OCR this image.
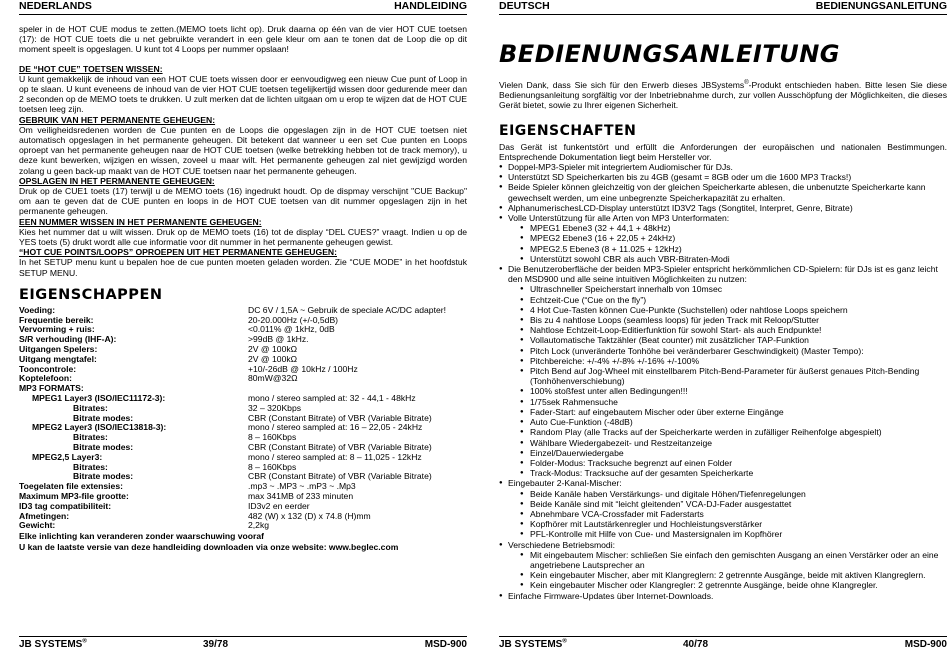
NEDERLANDS	HANDLEIDING

speler in de HOT CUE modus te zetten.(MEMO toets licht op). Druk daarna op één van de vier HOT CUE toetsen (17): de HOT CUE toets die u net gebruikte verandert in een gele kleur om aan te tonen dat de Loop die op dit moment speelt is opgeslagen. U kunt tot 4 Loops per nummer opslaan!

DE “HOT CUE” TOETSEN WISSEN:

U kunt gemakkelijk de inhoud van een HOT CUE toets wissen door er eenvoudigweg een nieuw Cue punt of Loop in op te slaan. U kunt eveneens de inhoud van de vier HOT CUE toetsen tegelijkertijd wissen door gedurende meer dan 2 seconden op de MEMO toets te drukken. U zult merken dat de lichten uitgaan om u erop te wijzen dat de HOT CUE toetsen leeg zijn.

GEBRUIK VAN HET PERMANENTE GEHEUGEN:

Om veiligheidsredenen worden de Cue punten en de Loops die opgeslagen zijn in de HOT CUE toetsen niet automatisch opgeslagen in het permanente geheugen. Dit betekent dat wanneer u een set Cue punten en Loops oproept van het permanente geheugen naar de HOT CUE toetsen (welke betrekking hebben tot de track memory), u deze kunt bewerken, wijzigen en wissen, zoveel u maar wilt. Het permanente geheugen zal niet gewijzigd worden zolang u geen back-up maakt van de HOT CUE toetsen naar het permanente geheugen.

OPSLAGEN IN HET PERMANENTE GEHEUGEN:

Druk op de CUE1 toets (17) terwijl u de MEMO toets (16) ingedrukt houdt. Op de dispmay verschijnt "CUE Backup" om aan te geven dat de CUE punten en loops in de HOT CUE toetsen van dit nummer opgeslagen zijn in het permanente geheugen.

EEN NUMMER WISSEN IN HET PERMANENTE GEHEUGEN:

Kies het nummer dat u wilt wissen. Druk op de MEMO toets (16) tot de display “DEL CUES?” vraagt. Indien u op de YES toets (5) drukt wordt alle cue informatie voor dit nummer in het permanente geheugen gewist.

“HOT CUE POINTS/LOOPS” OPROEPEN UIT HET PERMANENTE GEHEUGEN:

In het SETUP menu kunt u bepalen hoe de cue punten moeten geladen worden. Zie “CUE MODE” in het hoofdstuk SETUP MENU.

EIGENSCHAPPEN
Voeding:	DC 6V / 1,5A ~ Gebruik de speciale AC/DC adapter!
Frequentie bereik:	20-20.000Hz (+/-0,5dB)
Vervorming + ruis:	<0.011% @ 1kHz, 0dB
S/R verhouding (IHF-A):	>99dB @ 1kHz.
Uitgangen Spelers:	2V @ 100kΩ
Uitgang mengtafel:	2V @ 100kΩ
Tooncontrole:	+10/-26dB @ 10kHz / 100Hz
Koptelefoon:	80mW@32Ω
MP3 FORMATS:	
MPEG1 Layer3 (ISO/IEC11172-3):	mono / stereo sampled at: 32 - 44,1 - 48kHz
Bitrates:	32 – 320Kbps
Bitrate modes:	CBR (Constant Bitrate) of VBR (Variable Bitrate)
MPEG2 Layer3 (ISO/IEC13818-3):	mono / stereo sampled at: 16 – 22,05 - 24kHz
Bitrates:	8 – 160Kbps
Bitrate modes:	CBR (Constant Bitrate) of VBR (Variable Bitrate)
MPEG2,5 Layer3:	mono / stereo sampled at: 8 – 11,025 - 12kHz
Bitrates:	8 – 160Kbps
Bitrate modes:	CBR (Constant Bitrate) of VBR (Variable Bitrate)
Toegelaten file extensies:	.mp3 ~ .MP3 ~ .mP3 ~ .Mp3
Maximum MP3-file grootte:	max 341MB of 233 minuten
ID3 tag compatibiliteit:	ID3v2 en eerder
Afmetingen:	482 (W) x 132 (D) x 74.8 (H)mm
Gewicht:	2,2kg

Elke inlichting kan veranderen zonder waarschuwing vooraf
U kan de laatste versie van deze handleiding downloaden via onze website: www.beglec.com

JB SYSTEMS®	39/78	MSD-900
DEUTSCH	BEDIENUNGSANLEITUNG
BEDIENUNGSANLEITUNG

Vielen Dank, dass Sie sich für den Erwerb dieses JBSystems®-Produkt entschieden haben. Bitte lesen Sie diese Bedienungsanleitung sorgfältig vor der Inbetriebnahme durch, zur vollen Ausschöpfung der Möglichkeiten, die dieses Gerät bietet, sowie zu Ihrer eigenen Sicherheit.

EIGENSCHAFTEN

Das Gerät ist funkentstört und erfüllt die Anforderungen der europäischen und nationalen Bestimmungen. Entsprechende Dokumentation liegt beim Hersteller vor.

● Doppel-MP3-Spieler mit integriertem Audiomischer für DJs.
● Unterstützt SD Speicherkarten bis zu 4GB (gesamt = 8GB oder um die 1600 MP3 Tracks!)
● Beide Spieler können gleichzeitig von der gleichen Speicherkarte ablesen, die unbenutzte Speicherkarte kann gewechselt werden, um eine unbegrenzte Speicherkapazität zu erhalten.
● AlphanumerischesLCD-Display unterstützt ID3V2 Tags (Songtitel, Interpret, Genre, Bitrate)
● Volle Unterstützung für alle Arten von MP3 Unterformaten:
● MPEG1 Ebene3 (32 + 44,1 + 48kHz)
● MPEG2 Ebene3 (16 + 22,05 + 24kHz)
● MPEG2.5 Ebene3 (8 + 11.025 + 12kHz)
● Unterstützt sowohl CBR als auch VBR-Bitraten-Modi
● Die Benutzeroberfläche der beiden MP3-Spieler entspricht herkömmlichen CD-Spielern: für DJs ist es ganz leicht den MSD900 und alle seine intuitiven Möglichkeiten zu nutzen:
● Ultraschneller Speicherstart innerhalb von 10msec
● Echtzeit-Cue (“Cue on the fly”)
● 4 Hot Cue-Tasten können Cue-Punkte (Suchstellen) oder nahtlose Loops speichern
● Bis zu 4 nahtlose Loops (seamless loops) für jeden Track mit Reloop/Stutter
● Nahtlose Echtzeit-Loop-Editierfunktion für sowohl Start- als auch Endpunkte!
● Vollautomatische Taktzähler (Beat counter) mit zusätzlicher TAP-Funktion
● Pitch Lock (unveränderte Tonhöhe bei veränderbarer Geschwindigkeit) (Master Tempo):
● Pitchbereiche: +/-4% +/-8% +/-16% +/-100%
● Pitch Bend auf Jog-Wheel mit einstellbarem Pitch-Bend-Parameter für äußerst genaues Pitch-Bending (Tonhöhenverschiebung)
● 100% stoßfest unter allen Bedingungen!!!
● 1/75sek Rahmensuche
● Fader-Start: auf eingebautem Mischer oder über externe Eingänge
● Auto Cue-Funktion (-48dB)
● Random Play (alle Tracks auf der Speicherkarte werden in zufälliger Reihenfolge abgespielt)
● Wählbare Wiedergabezeit- und Restzeitanzeige
● Einzel/Dauerwiedergabe
● Folder-Modus: Tracksuche begrenzt auf einen Folder
● Track-Modus: Tracksuche auf der gesamten Speicherkarte
● Eingebauter 2-Kanal-Mischer:
● Beide Kanäle haben Verstärkungs- und digitale Höhen/Tiefenregelungen
● Beide Kanäle sind mit “leicht gleitenden” VCA-DJ-Fader ausgestattet
● Abnehmbare VCA-Crossfader mit Faderstarts
● Kopfhörer mit Lautstärkenregler und Hochleistungsverstärker
● PFL-Kontrolle mit Hilfe von Cue- und Mastersignalen im Kopfhörer
● Verschiedene Betriebsmodi:
● Mit eingebautem Mischer: schließen Sie einfach den gemischten Ausgang an einen Verstärker oder an eine angetriebene Lautsprecher an
● Kein eingebauter Mischer, aber mit Klangreglern: 2 getrennte Ausgänge, beide mit aktiven Klangreglern.
● Kein eingebauter Mischer oder Klangregler: 2 getrennte Ausgänge, beide ohne Klangregler.
● Einfache Firmware-Updates über Internet-Downloads.
JB SYSTEMS®	40/78	MSD-900
